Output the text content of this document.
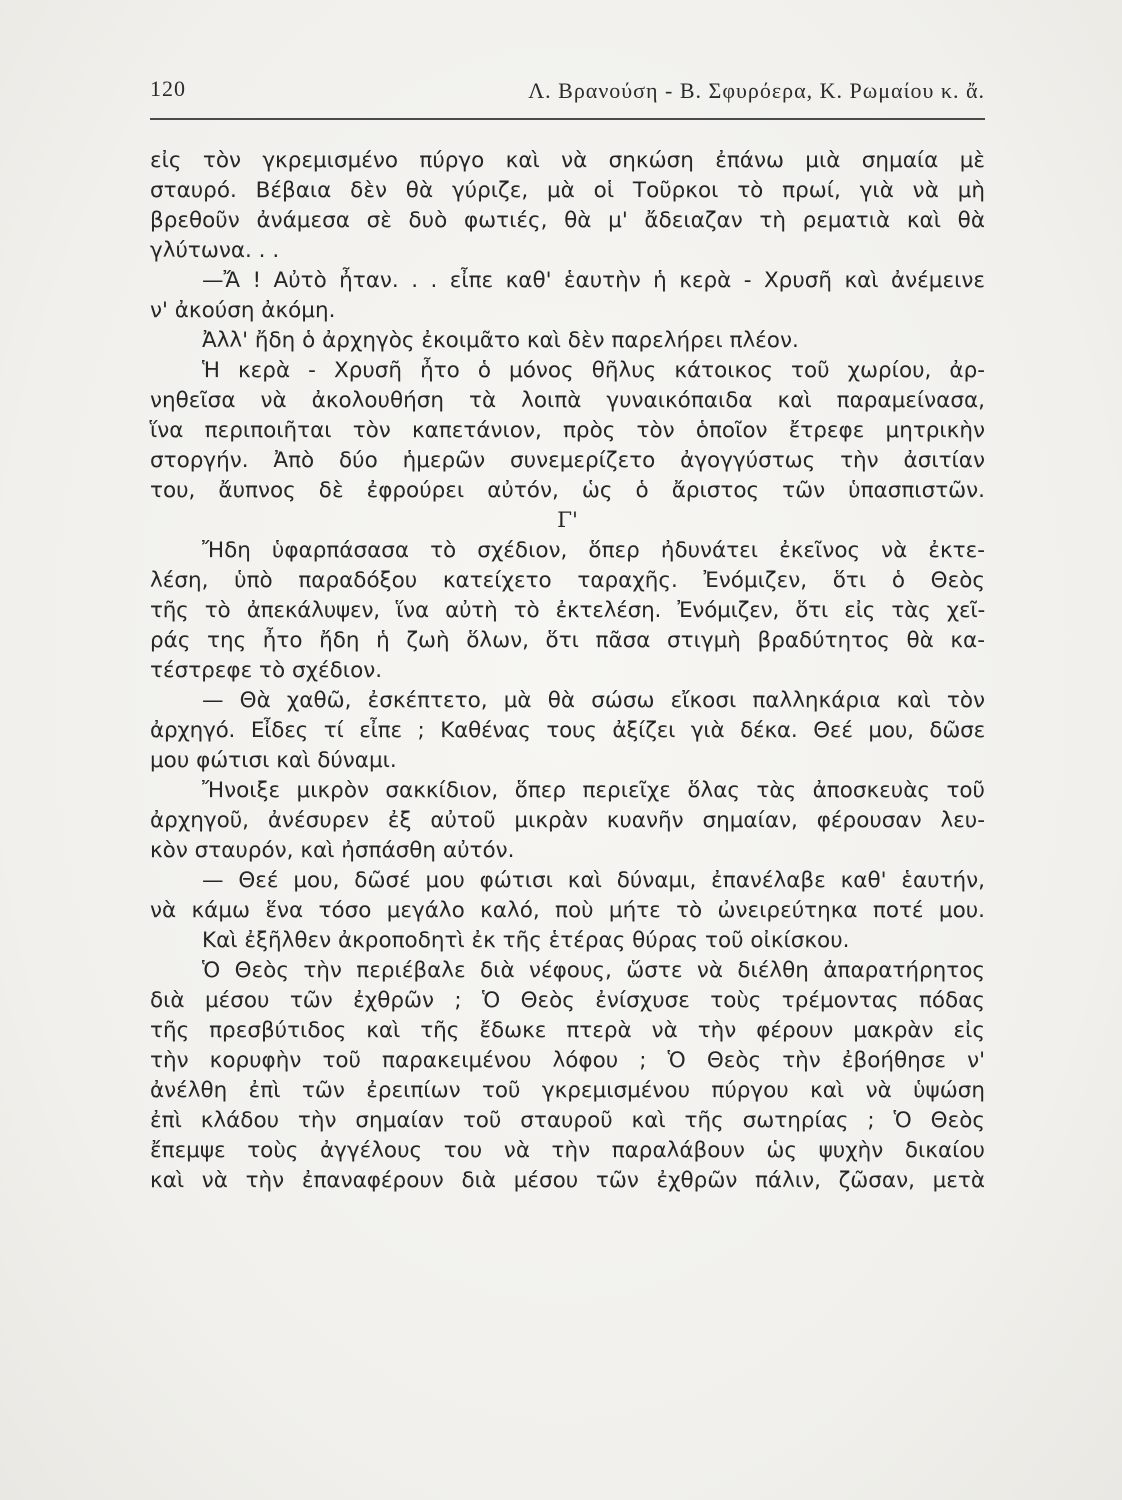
120	Λ. Βρανούση - Β. Σφυρόερα, Κ. Ρωμαίου κ. ἄ.
εἰς τὸν γκρεμισμένο πύργο καὶ νὰ σηκώση ἐπάνω μιὰ σημαία μὲ
σταυρό. Βέβαια δὲν θὰ γύριζε, μὰ οἱ Τοῦρκοι τὸ πρωί, γιὰ νὰ μὴ
βρεθοῦν ἀνάμεσα σὲ δυὸ φωτιές, θὰ μ' ἄδειαζαν τὴ ρεματιὰ καὶ θὰ
γλύτωνα. . .
—Ἄ ! Αὐτὸ ἦταν. . . εἶπε καθ' ἑαυτὴν ἡ κερὰ - Χρυσῆ καὶ ἀνέμεινε
ν' ἀκούση ἀκόμη.
Ἀλλ' ἤδη ὁ ἀρχηγὸς ἐκοιμᾶτο καὶ δὲν παρελήρει πλέον.
Ἡ κερὰ - Χρυσῆ ἦτο ὁ μόνος θῆλυς κάτοικος τοῦ χωρίου, ἀρ-
νηθεῖσα νὰ ἀκολουθήση τὰ λοιπὰ γυναικόπαιδα καὶ παραμείνασα,
ἵνα περιποιῆται τὸν καπετάνιον, πρὸς τὸν ὁποῖον ἔτρεφε μητρικὴν
στοργήν. Ἀπὸ δύο ἡμερῶν συνεμερίζετο ἀγογγύστως τὴν ἀσιτίαν
του, ἄυπνος δὲ ἐφρούρει αὐτόν, ὡς ὁ ἄριστος τῶν ὑπασπιστῶν.
Γ'
Ἤδη ὑφαρπάσασα τὸ σχέδιον, ὅπερ ἠδυνάτει ἐκεῖνος νὰ ἐκτε-
λέση, ὑπὸ παραδόξου κατείχετο ταραχῆς. Ἐνόμιζεν, ὅτι ὁ Θεὸς
τῆς τὸ ἀπεκάλυψεν, ἵνα αὐτὴ τὸ ἐκτελέση. Ἐνόμιζεν, ὅτι εἰς τὰς χεῖ-
ράς της ἦτο ἤδη ἡ ζωὴ ὅλων, ὅτι πᾶσα στιγμὴ βραδύτητος θὰ κα-
τέστρεφε τὸ σχέδιον.
— Θὰ χαθῶ, ἐσκέπτετο, μὰ θὰ σώσω εἴκοσι παλληκάρια καὶ τὸν
ἀρχηγό. Εἶδες τί εἶπε ; Καθένας τους ἀξίζει γιὰ δέκα. Θεέ μου, δῶσε
μου φώτισι καὶ δύναμι.
Ἤνοιξε μικρὸν σακκίδιον, ὅπερ περιεῖχε ὅλας τὰς ἀποσκευὰς τοῦ
ἀρχηγοῦ, ἀνέσυρεν ἐξ αὐτοῦ μικρὰν κυανῆν σημαίαν, φέρουσαν λευ-
κὸν σταυρόν, καὶ ἠσπάσθη αὐτόν.
— Θεέ μου, δῶσέ μου φώτισι καὶ δύναμι, ἐπανέλαβε καθ' ἑαυτήν,
νὰ κάμω ἕνα τόσο μεγάλο καλό, ποὺ μήτε τὸ ὠνειρεύτηκα ποτέ μου.
Καὶ ἐξῆλθεν ἀκροποδητὶ ἐκ τῆς ἑτέρας θύρας τοῦ οἰκίσκου.
Ὁ Θεὸς τὴν περιέβαλε διὰ νέφους, ὥστε νὰ διέλθη ἀπαρατήρητος
διὰ μέσου τῶν ἐχθρῶν ; Ὁ Θεὸς ἐνίσχυσε τοὺς τρέμοντας πόδας
τῆς πρεσβύτιδος καὶ τῆς ἔδωκε πτερὰ νὰ τὴν φέρουν μακρὰν εἰς
τὴν κορυφὴν τοῦ παρακειμένου λόφου ; Ὁ Θεὸς τὴν ἐβοήθησε ν'
ἀνέλθη ἐπὶ τῶν ἐρειπίων τοῦ γκρεμισμένου πύργου καὶ νὰ ὑψώση
ἐπὶ κλάδου τὴν σημαίαν τοῦ σταυροῦ καὶ τῆς σωτηρίας ; Ὁ Θεὸς
ἔπεμψε τοὺς ἀγγέλους του νὰ τὴν παραλάβουν ὡς ψυχὴν δικαίου
καὶ νὰ τὴν ἐπαναφέρουν διὰ μέσου τῶν ἐχθρῶν πάλιν, ζῶσαν, μετὰ
